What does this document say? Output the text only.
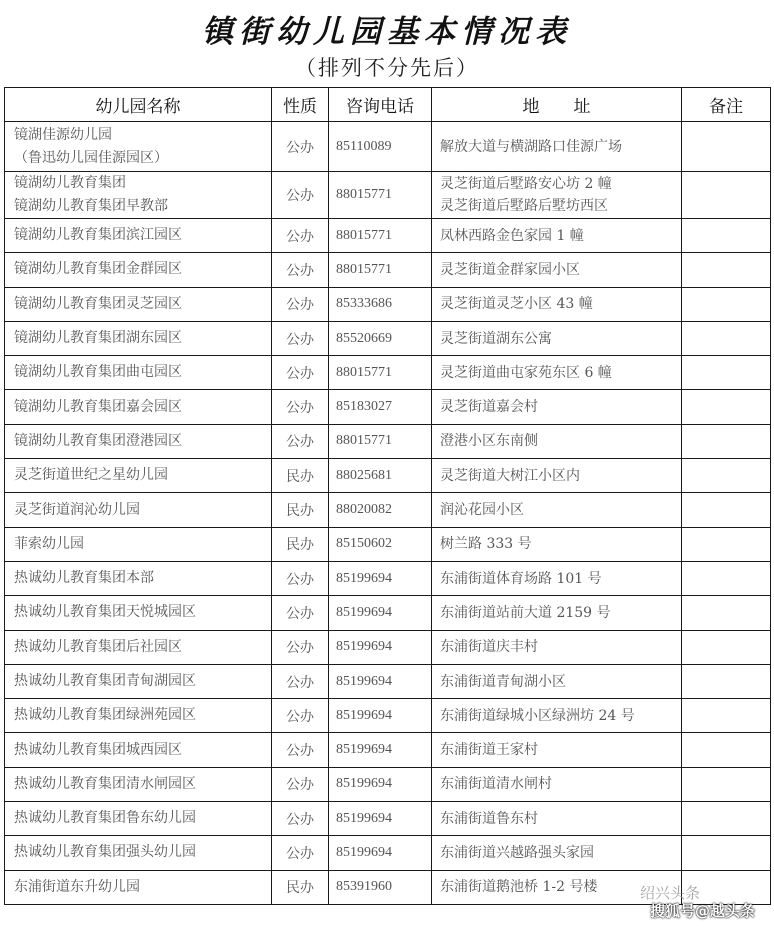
镇街幼儿园基本情况表
（排列不分先后）
幼儿园名称	性质	咨询电话	地　　址	备注

镜湖佳源幼儿园
（鲁迅幼儿园佳源园区）	公办	85110089	解放大道与横湖路口佳源广场	

镜湖幼儿教育集团
镜湖幼儿教育集团早教部	公办	88015771	灵芝街道后墅路安心坊 2 幢
灵芝街道后墅路后墅坊西区	

镜湖幼儿教育集团滨江园区	公办	88015771	凤林西路金色家园 1 幢	

镜湖幼儿教育集团金群园区	公办	88015771	灵芝街道金群家园小区	

镜湖幼儿教育集团灵芝园区	公办	85333686	灵芝街道灵芝小区 43 幢	

镜湖幼儿教育集团湖东园区	公办	85520669	灵芝街道湖东公寓	

镜湖幼儿教育集团曲屯园区	公办	88015771	灵芝街道曲屯家苑东区 6 幢	

镜湖幼儿教育集团嘉会园区	公办	85183027	灵芝街道嘉会村	

镜湖幼儿教育集团澄港园区	公办	88015771	澄港小区东南侧	

灵芝街道世纪之星幼儿园	民办	88025681	灵芝街道大树江小区内	

灵芝街道润沁幼儿园	民办	88020082	润沁花园小区	

菲索幼儿园	民办	85150602	树兰路 333 号	

热诚幼儿教育集团本部	公办	85199694	东浦街道体育场路 101 号	

热诚幼儿教育集团天悦城园区	公办	85199694	东浦街道站前大道 2159 号	

热诚幼儿教育集团后社园区	公办	85199694	东浦街道庆丰村	

热诚幼儿教育集团青甸湖园区	公办	85199694	东浦街道青甸湖小区	

热诚幼儿教育集团绿洲苑园区	公办	85199694	东浦街道绿城小区绿洲坊 24 号	

热诚幼儿教育集团城西园区	公办	85199694	东浦街道王家村	

热诚幼儿教育集团清水闸园区	公办	85199694	东浦街道清水闸村	

热诚幼儿教育集团鲁东幼儿园	公办	85199694	东浦街道鲁东村	

热诚幼儿教育集团强头幼儿园	公办	85199694	东浦街道兴越路强头家园	

东浦街道东升幼儿园	民办	85391960	东浦街道鹅池桥 1-2 号楼	
		绍兴头条
搜狐号@越头条
